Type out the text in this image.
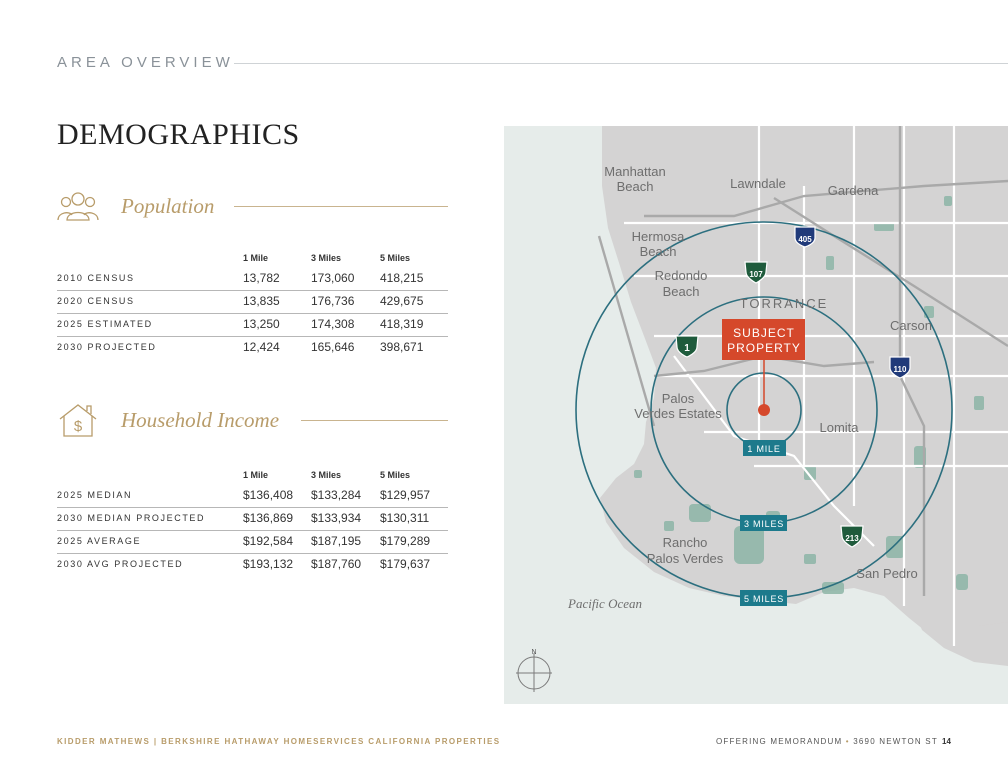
AREA OVERVIEW
DEMOGRAPHICS
Population
1 Mile	3 Miles	5 Miles
2010 CENSUS	13,782	173,060 418,215
2020 CENSUS	13,835	176,736 429,675
2025 ESTIMATED	13,250	174,308 418,319
2030 PROJECTED	12,424	165,646 398,671
$ Household Income
1 Mile	3 Miles	5 Miles
2025 MEDIAN	$136,408 $133,284 $129,957
2030 MEDIAN PROJECTED	$136,869 $133,934 $130,311
2025 AVERAGE	$192,584 $187,195 $179,289
2030 AVG PROJECTED	$193,132 $187,760 $179,637
Manhattan
Beach	Lawndale	Gardena
Hermosa
Beach
Redondo
Beach
TORRANCE
Carson
Palos
Verdes Estates
Lomita
Rancho
Palos Verdes
San Pedro
Pacific Ocean
405
107
1
110
213
SUBJECT
PROPERTY
1 MILE
3 MILES
5 MILES
N
KIDDER MATHEWS | BERKSHIRE HATHAWAY HOMESERVICES CALIFORNIA PROPERTIES	OFFERING MEMORANDUM • 3690 NEWTON ST 14
